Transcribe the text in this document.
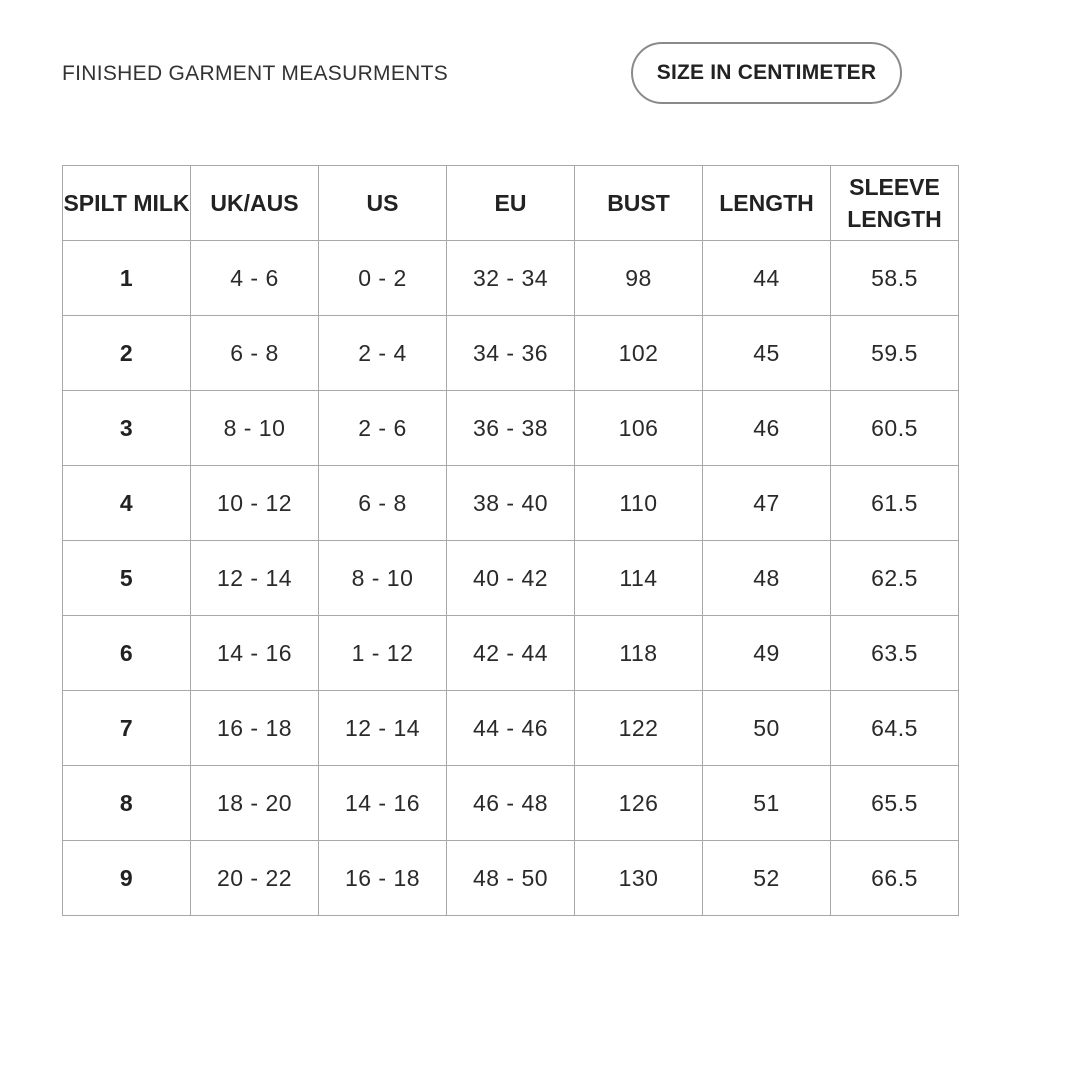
FINISHED GARMENT MEASURMENTS	SIZE IN CENTIMETER
SPILT MILK	UK/AUS	US	EU	BUST	LENGTH	SLEEVE LENGTH
1	4 - 6	0 - 2	32 - 34	98	44	58.5
2	6 - 8	2 - 4	34 - 36	102	45	59.5
3	8 - 10	2 - 6	36 - 38	106	46	60.5
4	10 - 12	6 - 8	38 - 40	110	47	61.5
5	12 - 14	8 - 10	40 - 42	114	48	62.5
6	14 - 16	1 - 12	42 - 44	118	49	63.5
7	16 - 18	12 - 14	44 - 46	122	50	64.5
8	18 - 20	14 - 16	46 - 48	126	51	65.5
9	20 - 22	16 - 18	48 - 50	130	52	66.5
